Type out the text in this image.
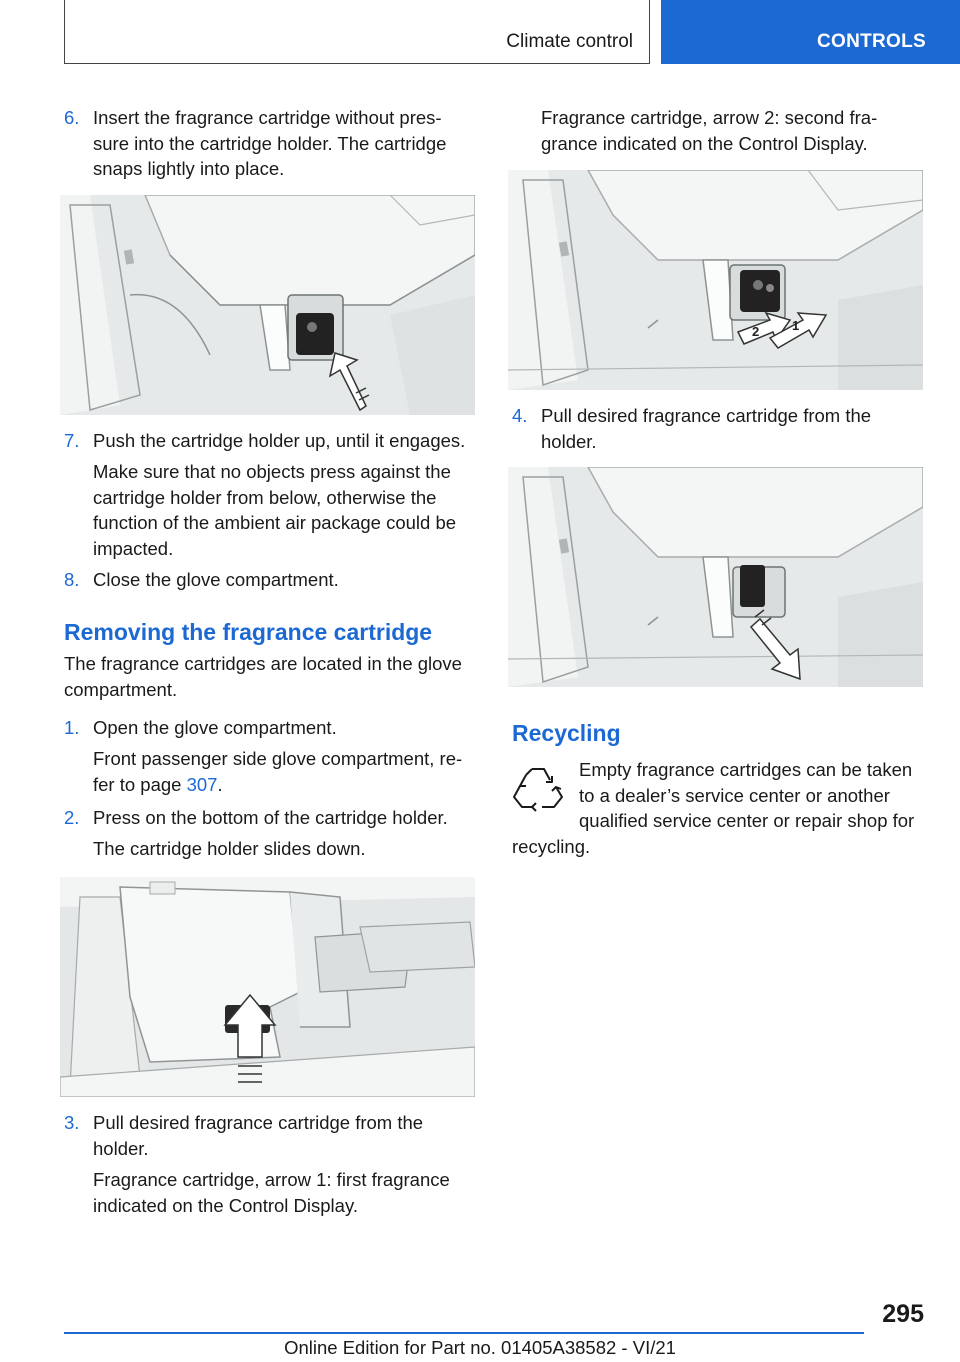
Climate control	CONTROLS
6. Insert the fragrance cartridge without pres‐
sure into the cartridge holder. The cartridge
snaps lightly into place.
7. Push the cartridge holder up, until it engages.
Make sure that no objects press against the
cartridge holder from below, otherwise the
function of the ambient air package could be
impacted.
8. Close the glove compartment.
Removing the fragrance cartridge
The fragrance cartridges are located in the glove
compartment.
1. Open the glove compartment.
Front passenger side glove compartment, re‐
fer to page 307.
2. Press on the bottom of the cartridge holder.
The cartridge holder slides down.
3. Pull desired fragrance cartridge from the
holder.
Fragrance cartridge, arrow 1: first fragrance
indicated on the Control Display.
Fragrance cartridge, arrow 2: second fra‐
grance indicated on the Control Display.
2	1
4. Pull desired fragrance cartridge from the
holder.
Recycling
Empty fragrance cartridges can be taken
to a dealer’s service center or another
qualified service center or repair shop for
recycling.
295
Online Edition for Part no. 01405A38582 - VI/21
